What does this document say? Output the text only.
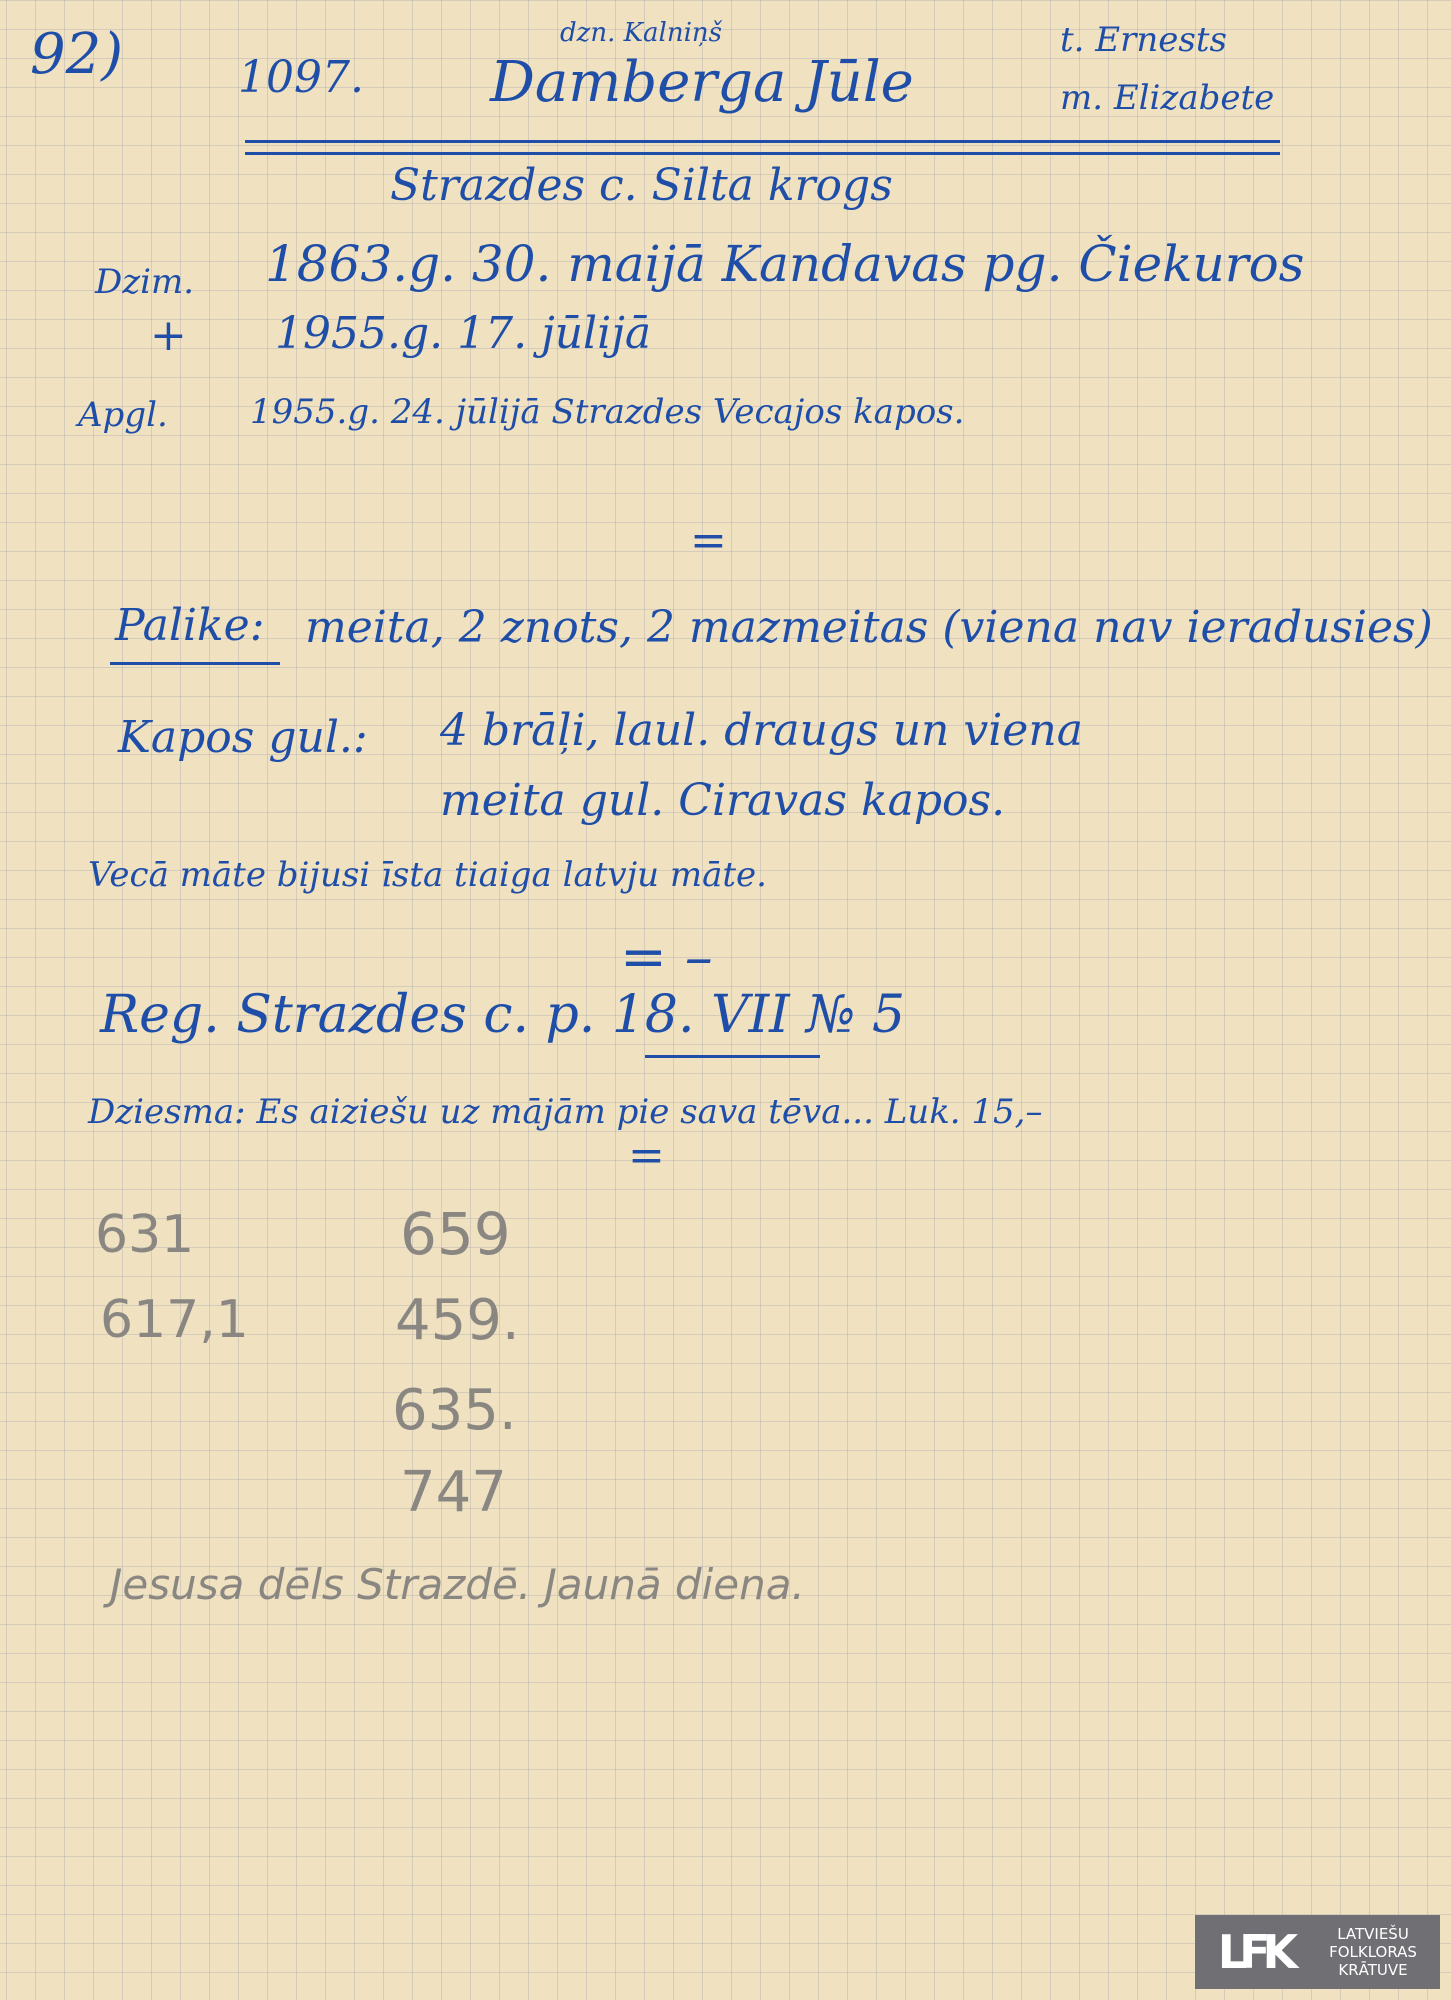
92)	1097.
dzn. Kalniņš
Damberga Jūle
t. Ernests
m. Elizabete
Strazdes c. Silta krogs
Dzim. 1863.g. 30. maijā Kandavas pg. Čiekuros
+ 1955.g. 17. jūlijā
Apgl. 1955.g. 24. jūlijā Strazdes Vecajos kapos.
=
Palike: meita, 2 znots, 2 mazmeitas (viena nav ieradusies)
Kapos gul.: 4 brāļi, laul. draugs un viena
meita gul. Ciravas kapos.
Vecā māte bijusi īsta tiaiga latvju māte.
= –
Reg. Strazdes c. p. 18. VII № 5
Dziesma: Es aiziešu uz mājām pie sava tēva... Luk. 15,–
=
631
617,1
659
459.
635.
747
Jesusa dēls Strazdē. Jaunā diena.
LFK	LATVIEŠU
FOLKLORAS
KRĀTUVE
